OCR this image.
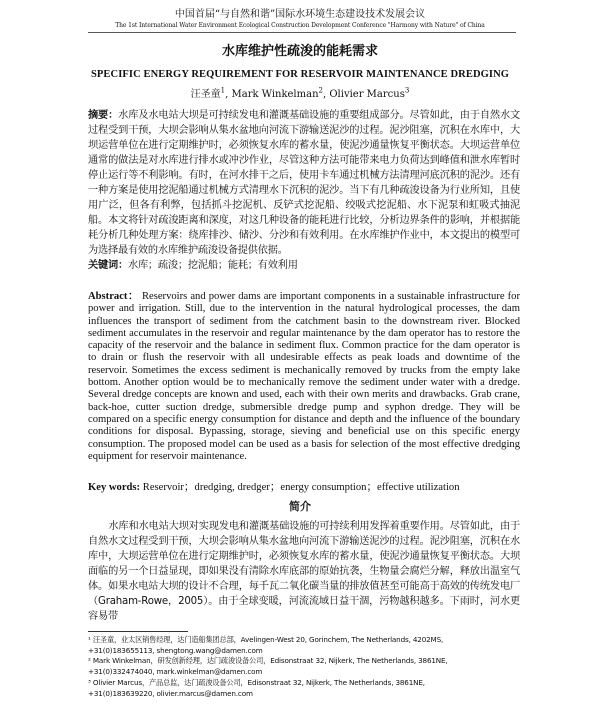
中国首届“与自然和谐”国际水环境生态建设技术发展会议
The 1st International Water Environment Ecological Construction Development Conference "Harmony with Nature" of China
水库维护性疏浚的能耗需求
SPECIFIC ENERGY REQUIREMENT FOR RESERVOIR MAINTENANCE DREDGING
汪圣童$^1$, Mark Winkelman$^2$, Olivier Marcus$^3$
摘要：水库及水电站大坝是可持续发电和灌溉基础设施的重要组成部分。尽管如此，由于自然水文过程受到干预，大坝会影响从集水盆地向河流下游输送泥沙的过程。泥沙阻塞，沉积在水库中，大坝运营单位在进行定期维护时，必须恢复水库的蓄水量，使泥沙通量恢复平衡状态。大坝运营单位通常的做法是对水库进行排水或冲沙作业，尽管这种方法可能带来电力负荷达到峰值和泄水库暂时停止运行等不利影响。有时，在河水排干之后，使用卡车通过机械方法清理河底沉积的泥沙。还有一种方案是使用挖泥船通过机械方式清理水下沉积的泥沙。当下有几种疏浚设备为行业所知，且使用广泛，但各有利弊，包括抓斗挖泥机、反铲式挖泥船、绞吸式挖泥船、水下泥泵和虹吸式抽泥船。本文将针对疏浚距离和深度，对这几种设备的能耗进行比较，分析边界条件的影响，并根据能耗分析几种处理方案：绕库排沙、储沙、分沙和有效利用。在水库维护作业中，本文提出的模型可为选择最有效的水库维护疏浚设备提供依据。
关键词：水库；疏浚；挖泥船；能耗；有效利用
Abstract： Reservoirs and power dams are important components in a sustainable infrastructure for power and irrigation. Still, due to the intervention in the natural hydrological processes, the dam influences the transport of sediment from the catchment basin to the downstream river. Blocked sediment accumulates in the reservoir and regular maintenance by the dam operator has to restore the capacity of the reservoir and the balance in sediment flux. Common practice for the dam operator is to drain or flush the reservoir with all undesirable effects as peak loads and downtime of the reservoir. Sometimes the excess sediment is mechanically removed by trucks from the empty lake bottom. Another option would be to mechanically remove the sediment under water with a dredge. Several dredge concepts are known and used, each with their own merits and drawbacks. Grab crane, back-hoe, cutter suction dredge, submersible dredge pump and syphon dredge. They will be compared on a specific energy consumption for distance and depth and the influence of the boundary conditions for disposal. Bypassing, storage, sieving and beneficial use on this specific energy consumption. The proposed model can be used as a basis for selection of the most effective dredging equipment for reservoir maintenance.
Key words: Reservoir；dredging, dredger；energy consumption；effective utilization
简介

水库和水电站大坝对实现发电和灌溉基础设施的可持续利用发挥着重要作用。尽管如此，由于自然水文过程受到干预，大坝会影响从集水盆地向河流下游输送泥沙的过程。泥沙阻塞，沉积在水库中，大坝运营单位在进行定期维护时，必须恢复水库的蓄水量，使泥沙通量恢复平衡状态。大坝面临的另一个日益显现，即如果没有清除水库底部的原始抗袭，生物量会腐烂分解，释放出温室气体。如果水电站大坝的设计不合理，每千瓦二氧化碳当量的排放值甚至可能高于高效的传统发电厂（Graham-Rowe，2005）。由于全球变暖，河流流域日益干涸，污物越积越多。下雨时，河水更容易带

¹ 汪圣童，业太区销售经理，达门造船集团总部，Avelingen-West 20, Gorinchem, The Netherlands, 4202MS,
+31(0)183655113, shengtong.wang@damen.com
² Mark Winkelman，研发创新经理，达门疏浚设备公司，Edisonstraat 32, Nijkerk, The Netherlands, 3861NE,
+31(0)332474040, mark.winkelman@damen.com
³ Olivier Marcus，产品总监，达门疏浚设备公司，Edisonstraat 32, Nijkerk, The Netherlands, 3861NE,
+31(0)183639220, olivier.marcus@damen.com
